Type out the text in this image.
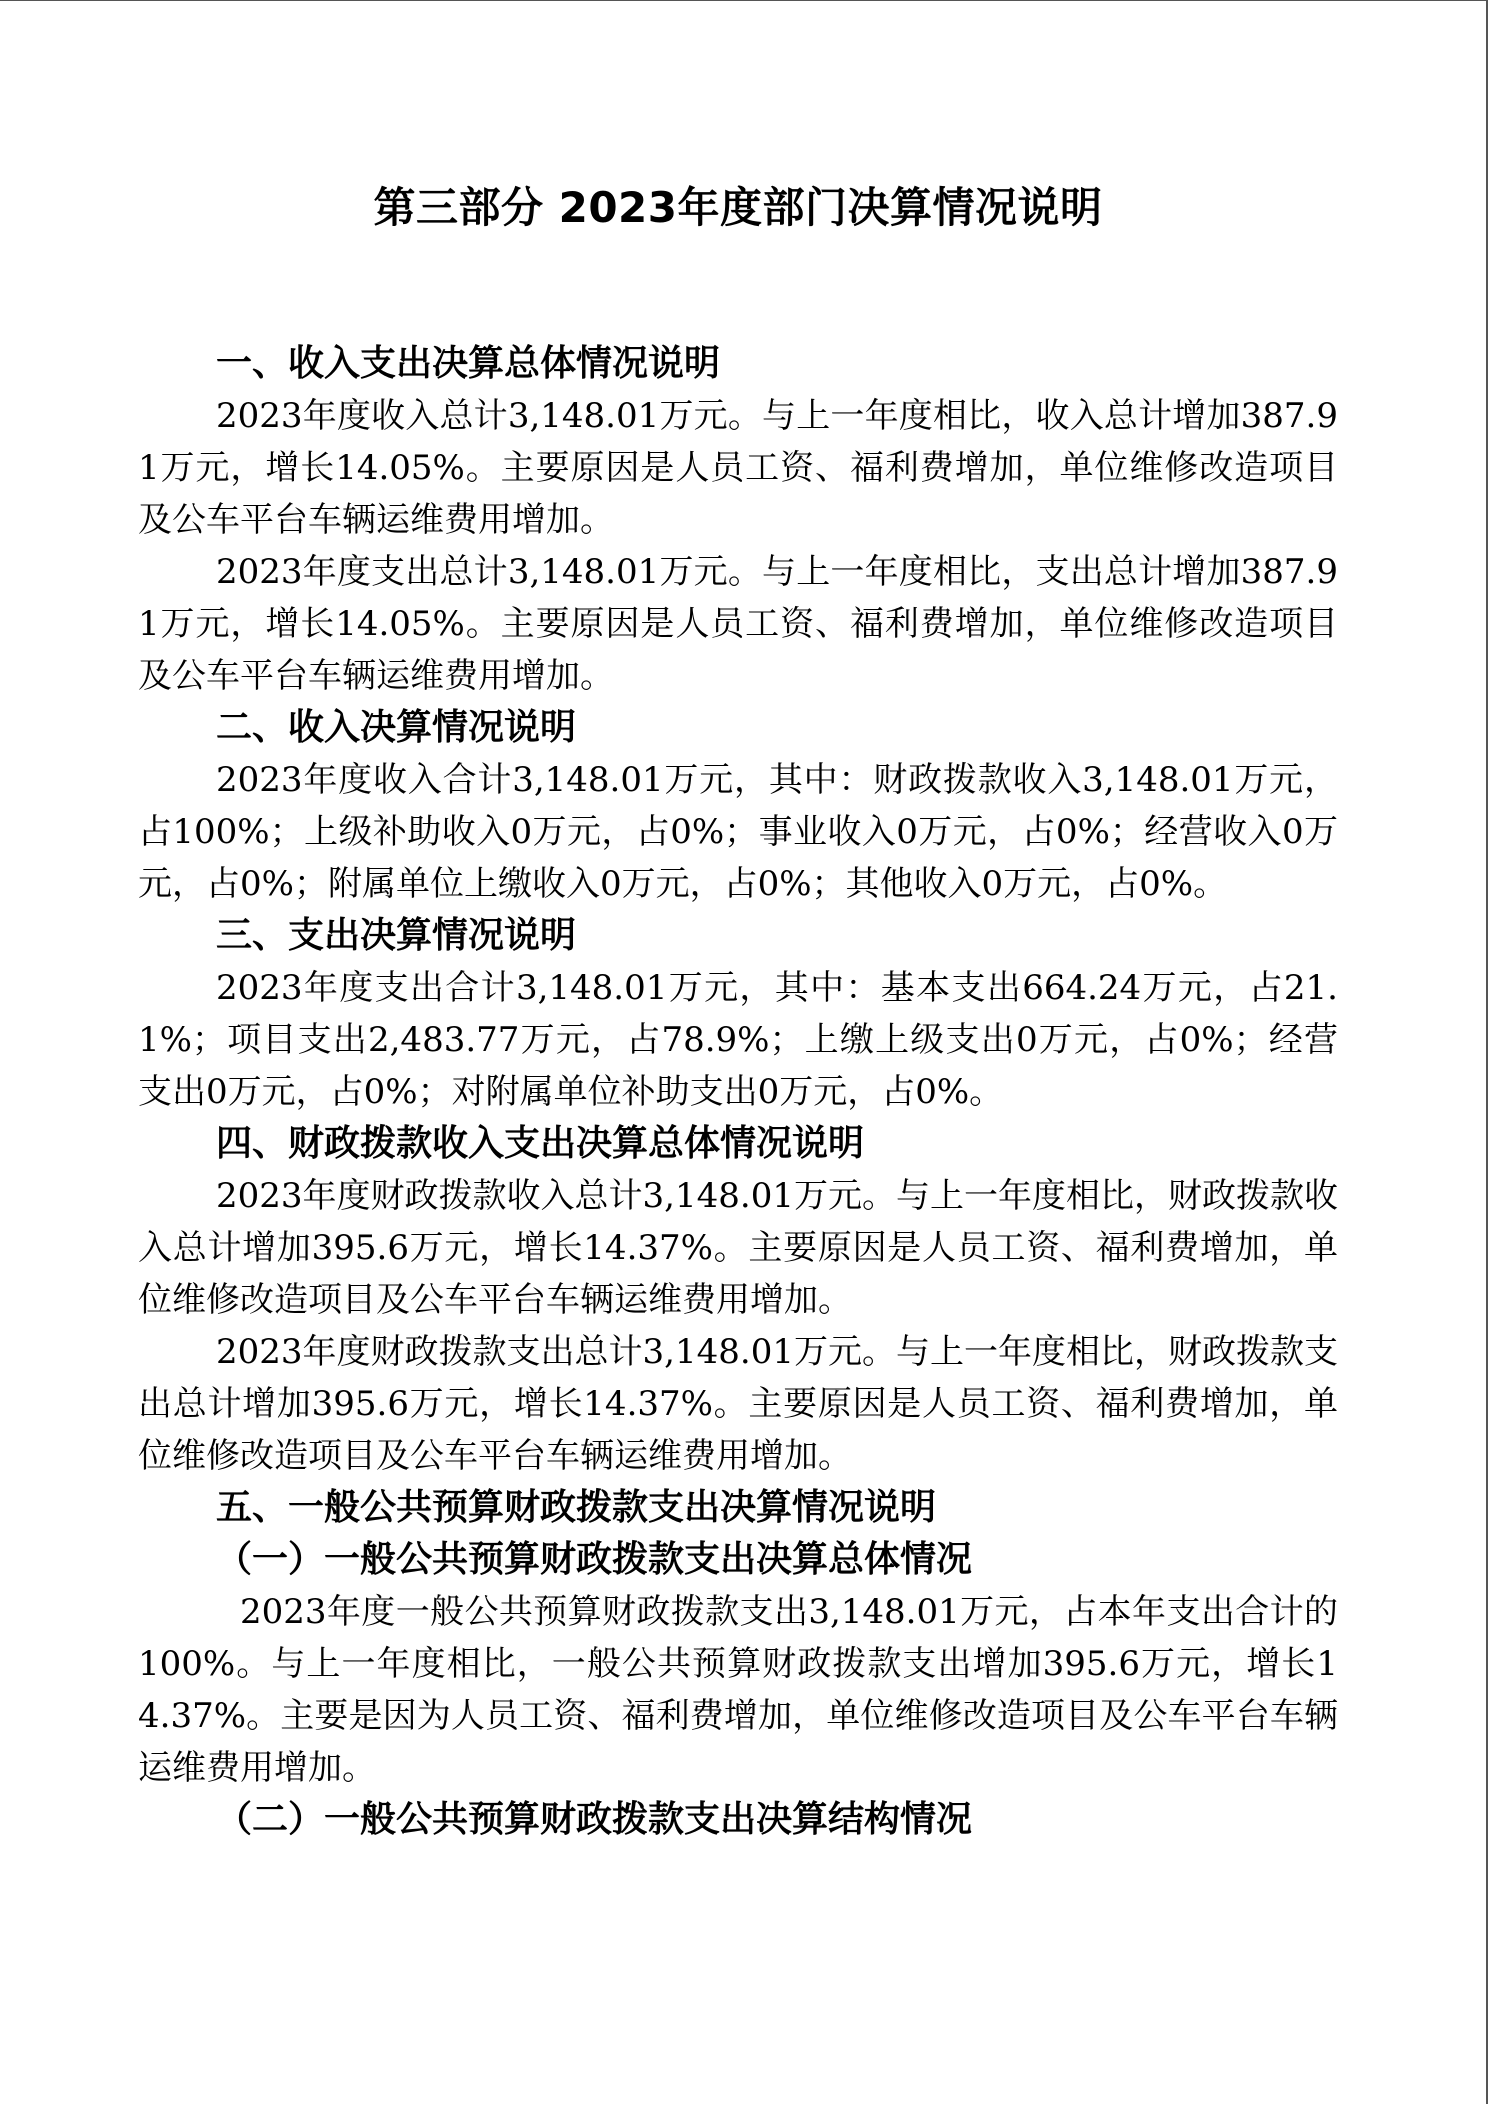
第三部分 2023年度部门决算情况说明
一、收入支出决算总体情况说明

2023年度收入总计3,148.01万元。与上一年度相比，收入总计增加387.91万元，增长14.05%。主要原因是人员工资、福利费增加，单位维修改造项目及公车平台车辆运维费用增加。

2023年度支出总计3,148.01万元。与上一年度相比，支出总计增加387.91万元，增长14.05%。主要原因是人员工资、福利费增加，单位维修改造项目及公车平台车辆运维费用增加。

二、收入决算情况说明

2023年度收入合计3,148.01万元，其中：财政拨款收入3,148.01万元，占100%；上级补助收入0万元，占0%；事业收入0万元，占0%；经营收入0万元，占0%；附属单位上缴收入0万元，占0%；其他收入0万元，占0%。

三、支出决算情况说明

2023年度支出合计3,148.01万元，其中：基本支出664.24万元，占21.1%；项目支出2,483.77万元，占78.9%；上缴上级支出0万元，占0%；经营支出0万元，占0%；对附属单位补助支出0万元，占0%。

四、财政拨款收入支出决算总体情况说明

2023年度财政拨款收入总计3,148.01万元。与上一年度相比，财政拨款收入总计增加395.6万元，增长14.37%。主要原因是人员工资、福利费增加，单位维修改造项目及公车平台车辆运维费用增加。

2023年度财政拨款支出总计3,148.01万元。与上一年度相比，财政拨款支出总计增加395.6万元，增长14.37%。主要原因是人员工资、福利费增加，单位维修改造项目及公车平台车辆运维费用增加。

五、一般公共预算财政拨款支出决算情况说明
（一）一般公共预算财政拨款支出决算总体情况

2023年度一般公共预算财政拨款支出3,148.01万元，占本年支出合计的100%。与上一年度相比，一般公共预算财政拨款支出增加395.6万元，增长14.37%。主要是因为人员工资、福利费增加，单位维修改造项目及公车平台车辆运维费用增加。

（二）一般公共预算财政拨款支出决算结构情况
